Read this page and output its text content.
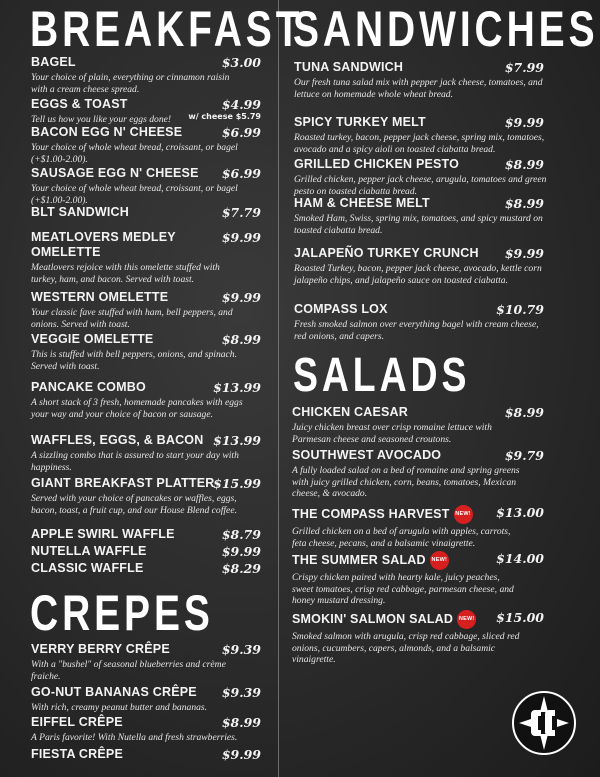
BREAKFAST
CREPES
SANDWICHES
SALADS
BAGEL	$3.00
Your choice of plain, everything or cinnamon raisin with a cream cheese spread.
EGGS & TOAST	$4.99
w/ cheese $5.79
Tell us how you like your eggs done!
BACON EGG N' CHEESE	$6.99
Your choice of whole wheat bread, croissant, or bagel (+$1.00-2.00).
SAUSAGE EGG N' CHEESE	$6.99
Your choice of whole wheat bread, croissant, or bagel (+$1.00-2.00).
BLT SANDWICH	$7.79
MEATLOVERS MEDLEY OMELETTE
$9.99
Meatlovers rejoice with this omelette stuffed with turkey, ham, and bacon. Served with toast.
WESTERN OMELETTE	$9.99
Your classic fave stuffed with ham, bell peppers, and onions. Served with toast.
VEGGIE OMELETTE	$8.99
This is stuffed with bell peppers, onions, and spinach. Served with toast.
PANCAKE COMBO	$13.99
A short stack of 3 fresh, homemade pancakes with eggs your way and your choice of bacon or sausage.
WAFFLES, EGGS, & BACON $13.99
A sizzling combo that is assured to start your day with happiness.
GIANT BREAKFAST PLATTER
$15.99
Served with your choice of pancakes or waffles, eggs, bacon, toast, a fruit cup, and our House Blend coffee.
APPLE SWIRL WAFFLE	$8.79
NUTELLA WAFFLE	$9.99
CLASSIC WAFFLE	$8.29
VERRY BERRY CRÊPE	$9.39
With a "bushel" of seasonal blueberries and crème fraiche.
GO-NUT BANANAS CRÊPE	$9.39
With rich, creamy peanut butter and bananas.
EIFFEL CRÊPE	$8.99
A Paris favorite! With Nutella and fresh strawberries.
FIESTA CRÊPE	$9.99
TUNA SANDWICH	$7.99
Our fresh tuna salad mix with pepper jack cheese, tomatoes, and lettuce on homemade whole wheat bread.
SPICY TURKEY MELT	$9.99
Roasted turkey, bacon, pepper jack cheese, spring mix, tomatoes, avocado and a spicy aioli on toasted ciabatta bread.
GRILLED CHICKEN PESTO	$8.99
Grilled chicken, pepper jack cheese, arugula, tomatoes and green pesto on toasted ciabatta bread.
HAM & CHEESE MELT	$8.99
Smoked Ham, Swiss, spring mix, tomatoes, and spicy mustard on toasted ciabatta bread.
JALAPEÑO TURKEY CRUNCH	$9.99
Roasted Turkey, bacon, pepper jack cheese, avocado, kettle corn jalapeño chips, and jalapeño sauce on toasted ciabatta.
COMPASS LOX	$10.79
Fresh smoked salmon over everything bagel with cream cheese, red onions, and capers.
CHICKEN CAESAR	$8.99
Juicy chicken breast over crisp romaine lettuce with Parmesan cheese and seasoned croutons.
SOUTHWEST AVOCADO	$9.79
A fully loaded salad on a bed of romaine and spring greens with juicy grilled chicken, corn, beans, tomatoes, Mexican cheese, & avocado.
THE COMPASS HARVEST NEW!	$13.00
Grilled chicken on a bed of arugula with apples, carrots, feta cheese, pecans, and a balsamic vinaigrette.
THE SUMMER SALAD NEW!	$14.00
Crispy chicken paired with hearty kale, juicy peaches, sweet tomatoes, crisp red cabbage, parmesan cheese, and honey mustard dressing.
SMOKIN' SALMON SALAD NEW!	$15.00
Smoked salmon with arugula, crisp red cabbage, sliced red onions, cucumbers, capers, almonds, and a balsamic vinaigrette.
